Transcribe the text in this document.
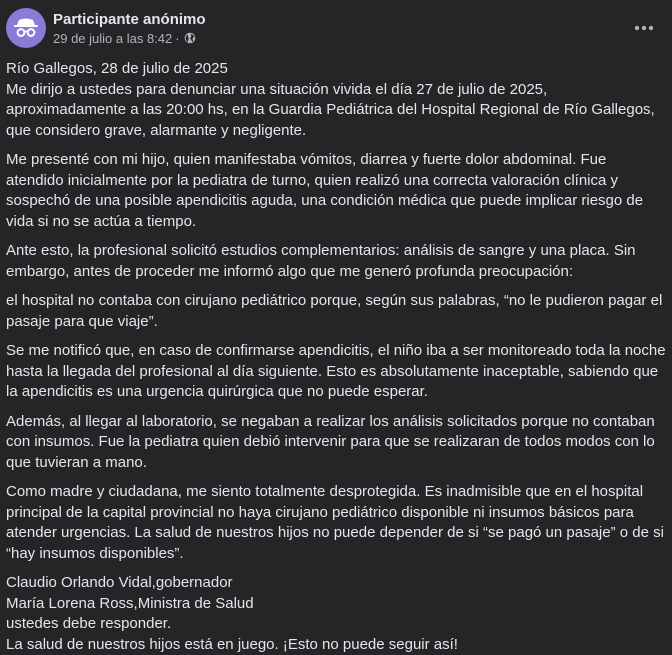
Participante anónimo
29 de julio a las 8:42 ·

Río Gallegos, 28 de julio de 2025

Me dirijo a ustedes para denunciar una situación vivida el día 27 de julio de 2025, aproximadamente a las 20:00 hs, en la Guardia Pediátrica del Hospital Regional de Río Gallegos, que considero grave, alarmante y negligente.

Me presenté con mi hijo, quien manifestaba vómitos, diarrea y fuerte dolor abdominal. Fue atendido inicialmente por la pediatra de turno, quien realizó una correcta valoración clínica y sospechó de una posible apendicitis aguda, una condición médica que puede implicar riesgo de vida si no se actúa a tiempo.

Ante esto, la profesional solicitó estudios complementarios: análisis de sangre y una placa. Sin embargo, antes de proceder me informó algo que me generó profunda preocupación:

el hospital no contaba con cirujano pediátrico porque, según sus palabras, “no le pudieron pagar el pasaje para que viaje”.

Se me notificó que, en caso de confirmarse apendicitis, el niño iba a ser monitoreado toda la noche hasta la llegada del profesional al día siguiente. Esto es absolutamente inaceptable, sabiendo que la apendicitis es una urgencia quirúrgica que no puede esperar.

Además, al llegar al laboratorio, se negaban a realizar los análisis solicitados porque no contaban con insumos. Fue la pediatra quien debió intervenir para que se realizaran de todos modos con lo que tuvieran a mano.

Como madre y ciudadana, me siento totalmente desprotegida. Es inadmisible que en el hospital principal de la capital provincial no haya cirujano pediátrico disponible ni insumos básicos para atender urgencias. La salud de nuestros hijos no puede depender de si “se pagó un pasaje” o de si “hay insumos disponibles”.

Claudio Orlando Vidal,gobernador

María Lorena Ross,Ministra de Salud

ustedes debe responder.

La salud de nuestros hijos está en juego. ¡Esto no puede seguir así!
